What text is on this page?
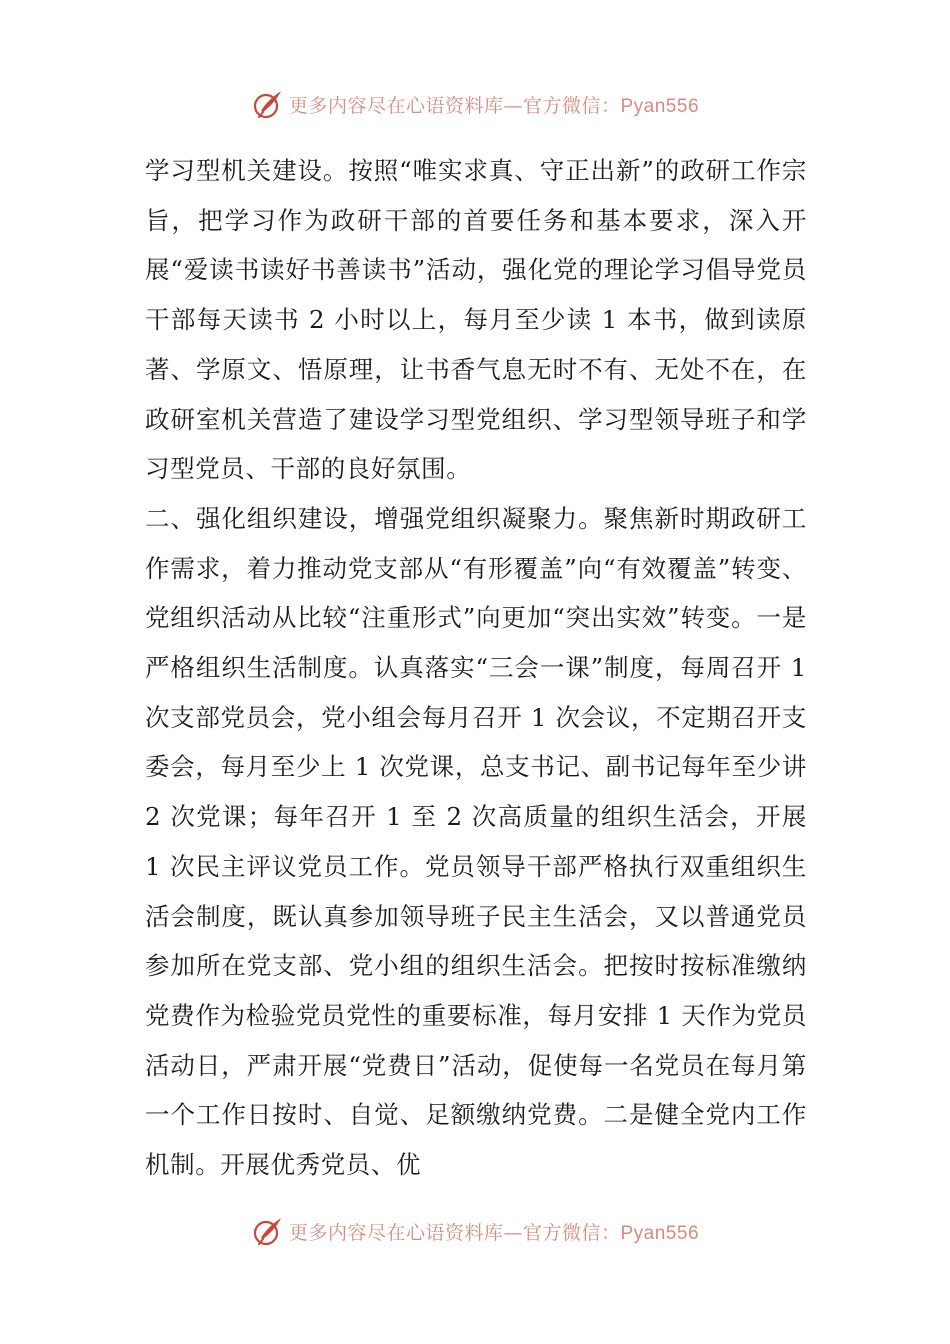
更多内容尽在心语资料库—官方微信：Pyan556

学习型机关建设。按照“唯实求真、守正出新”的政研工作宗旨，把学习作为政研干部的首要任务和基本要求，深入开展“爱读书读好书善读书”活动，强化党的理论学习倡导党员干部每天读书 2 小时以上，每月至少读 1 本书，做到读原著、学原文、悟原理，让书香气息无时不有、无处不在，在政研室机关营造了建设学习型党组织、学习型领导班子和学习型党员、干部的良好氛围。

二、强化组织建设，增强党组织凝聚力。聚焦新时期政研工作需求，着力推动党支部从“有形覆盖”向“有效覆盖”转变、党组织活动从比较“注重形式”向更加“突出实效”转变。一是严格组织生活制度。认真落实“三会一课”制度，每周召开 1 次支部党员会，党小组会每月召开 1 次会议，不定期召开支委会，每月至少上 1 次党课，总支书记、副书记每年至少讲 2 次党课；每年召开 1 至 2 次高质量的组织生活会，开展 1 次民主评议党员工作。党员领导干部严格执行双重组织生活会制度，既认真参加领导班子民主生活会，又以普通党员参加所在党支部、党小组的组织生活会。把按时按标准缴纳党费作为检验党员党性的重要标准，每月安排 1 天作为党员活动日，严肃开展“党费日”活动，促使每一名党员在每月第一个工作日按时、自觉、足额缴纳党费。二是健全党内工作机制。开展优秀党员、优

更多内容尽在心语资料库—官方微信：Pyan556
